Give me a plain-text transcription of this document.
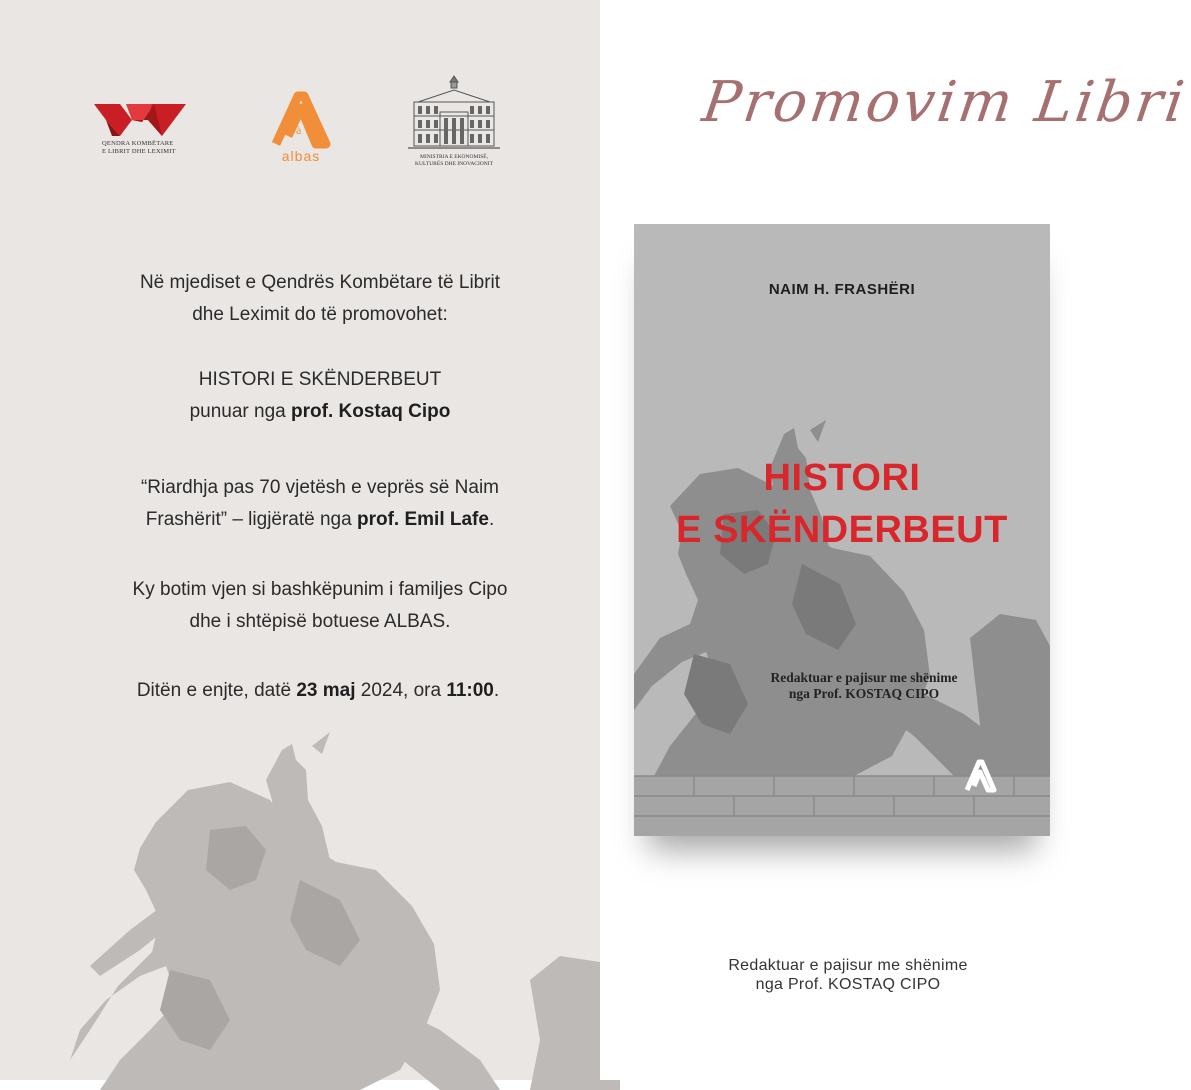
QENDRA KOMBËTARE
E LIBRIT DHE LEXIMIT
à
albas	MINISTRIA E EKONOMISË,
KULTURËS DHE INOVACIONIT
Në mjediset e Qendrës Kombëtare të Librit
dhe Leximit do të promovohet:
HISTORI E SKËNDERBEUT
punuar nga prof. Kostaq Cipo
“Riardhja pas 70 vjetësh e veprës së Naim
Frashërit” – ligjëratë nga prof. Emil Lafe.
Ky botim vjen si bashkëpunim i familjes Cipo
dhe i shtëpisë botuese ALBAS.
Ditën e enjte, datë 23 maj 2024, ora 11:00.
Promovim Libri
NAIM H. FRASHËRI
HISTORI
E SKËNDERBEUT
Redaktuar e pajisur me shënime
nga Prof. KOSTAQ CIPO
Redaktuar e pajisur me shënime
nga Prof. KOSTAQ CIPO
